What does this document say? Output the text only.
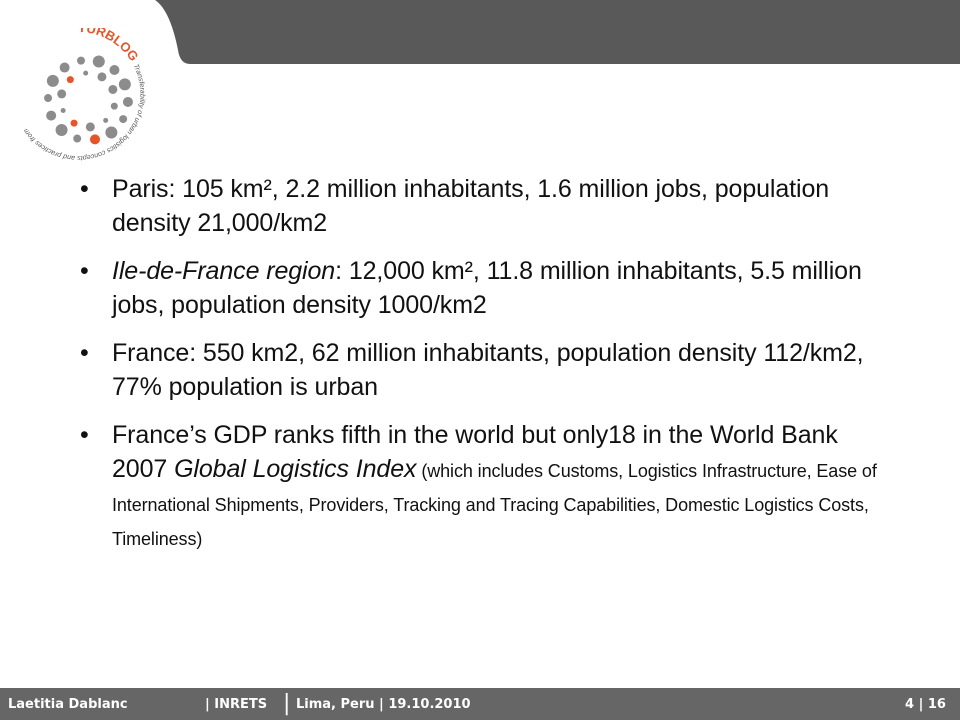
URBLOG
Transferability of urban logistics concepts and practices from
• Paris: 105 km², 2.2 million inhabitants, 1.6 million jobs, population density 21,000/km2
• Ile-de-France region: 12,000 km², 11.8 million inhabitants, 5.5 million jobs, population density 1000/km2
• France: 550 km2, 62 million inhabitants, population density 112/km2, 77% population is urban
• France’s GDP ranks fifth in the world but only18 in the World Bank 2007 Global Logistics Index (which includes Customs, Logistics Infrastructure, Ease of International Shipments, Providers, Tracking and Tracing Capabilities, Domestic Logistics Costs, Timeliness)
Laetitia Dablanc	| INRETS | Lima, Peru | 19.10.2010	4 | 16
